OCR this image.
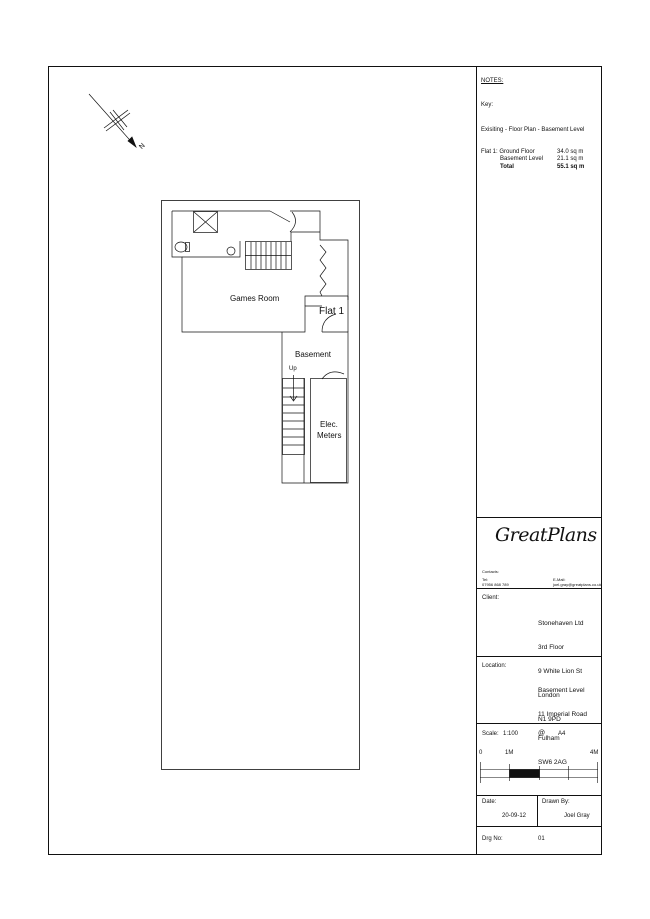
N
Games Room
Flat 1
Basement
Up
Elec.
Meters
NOTES:
Key:
Exisiting - Floor Plan - Basement Level
Flat 1: Ground Floor	34.0 sq m
Basement Level 21.1 sq m
Total	55.1 sq m
GreatPlans
Contacts:
Tel:
07956 868 789
E-Mail:
joel.gray@greatplans.co.uk
Client:

Stonehaven Ltd

3rd Floor

9 White Lion St

London

N1 9PD

Location:

Basement Level

11 Imperial Road

Fulham

SW6 2AG

Scale: 1:100	@ A4
0	1M	4M
Date:
20-09-12
Drawn By:
Joel Gray
Drg No:	01
